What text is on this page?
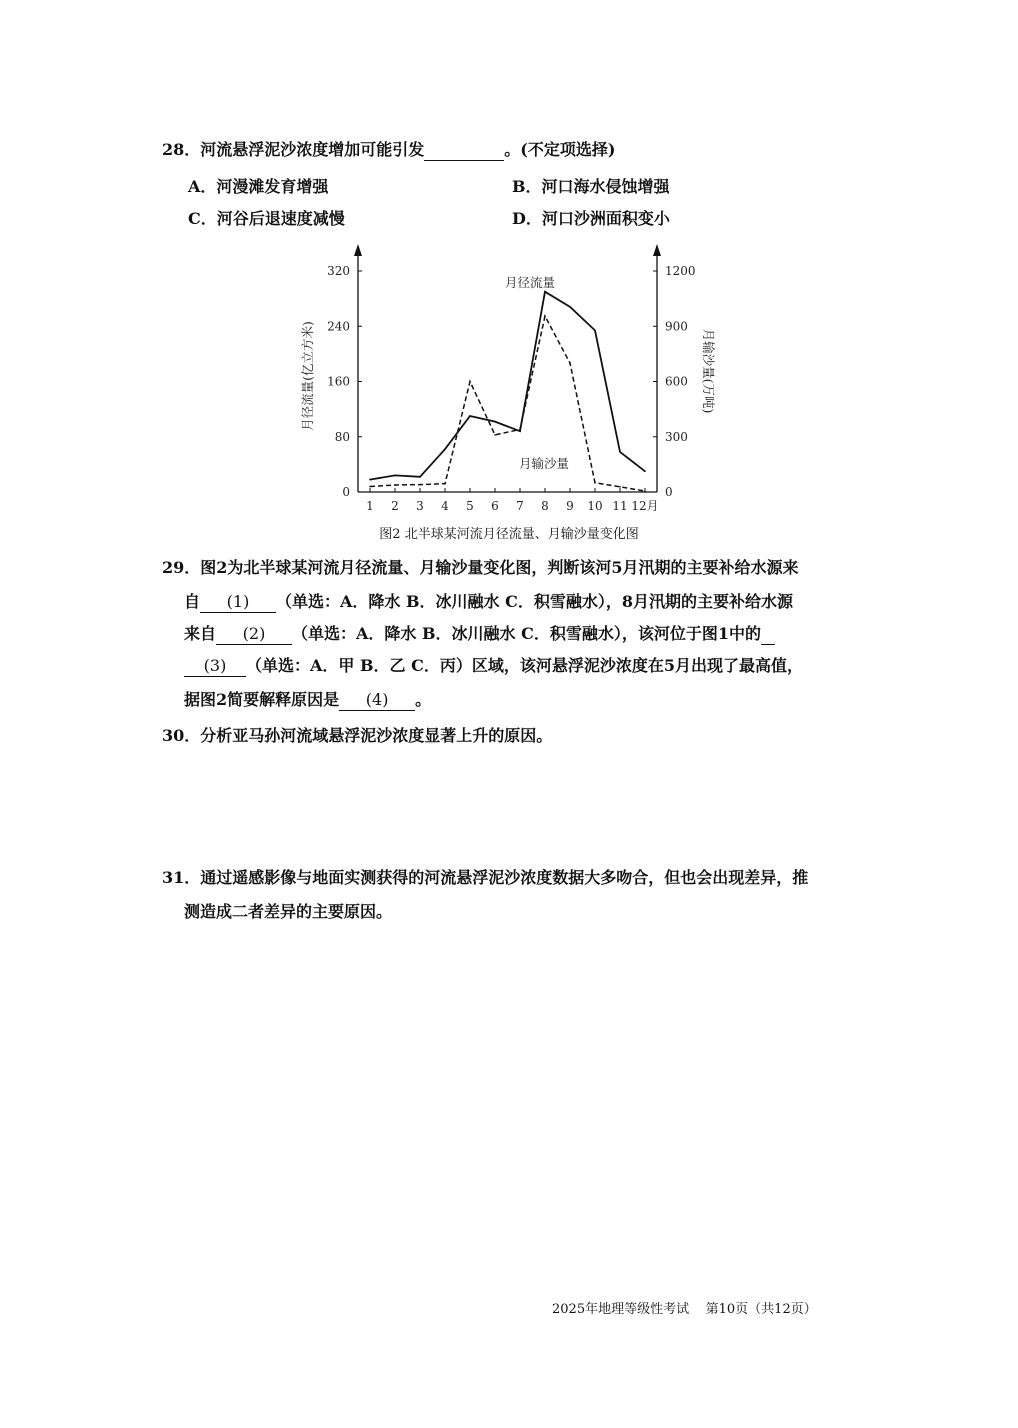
28．河流悬浮泥沙浓度增加可能引发	。(不定项选择)
A．河漫滩发育增强	B．河口海水侵蚀增强
C．河谷后退速度减慢	D．河口沙洲面积变小
0
80
160
240
320
0
300
600
900
1200
1 2 3 4 5 6 7 8 9 10 11 12月
月径流量
月输沙量
月径流量(亿立方米)	月输沙量(万吨)
图2 北半球某河流月径流量、月输沙量变化图
29．图2为北半球某河流月径流量、月输沙量变化图，判断该河5月汛期的主要补给水源来
自 (1) （单选：A．降水 B．冰川融水 C．积雪融水），8月汛期的主要补给水源
来自 (2) （单选：A．降水 B．冰川融水 C．积雪融水），该河位于图1中的
(3) （单选：A．甲 B．乙 C．丙）区域，该河悬浮泥沙浓度在5月出现了最高值，
据图2简要解释原因是 (4) 。
30．分析亚马孙河流域悬浮泥沙浓度显著上升的原因。
31．通过遥感影像与地面实测获得的河流悬浮泥沙浓度数据大多吻合，但也会出现差异，推
测造成二者差异的主要原因。
2025年地理等级性考试 第10页（共12页）
